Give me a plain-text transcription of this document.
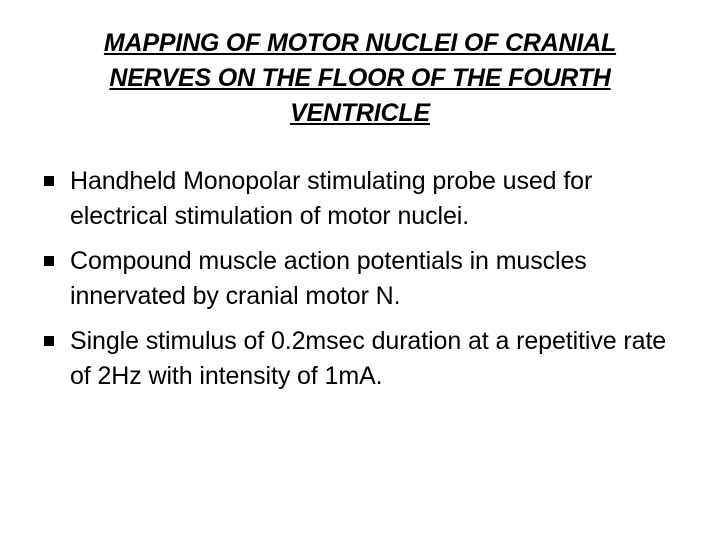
MAPPING OF MOTOR NUCLEI OF CRANIAL NERVES ON THE FLOOR OF THE FOURTH VENTRICLE
Handheld Monopolar stimulating probe used for electrical stimulation of motor nuclei.
Compound muscle action potentials in muscles innervated by cranial motor N.
Single stimulus of 0.2msec duration at a repetitive rate of 2Hz with intensity of 1mA.
